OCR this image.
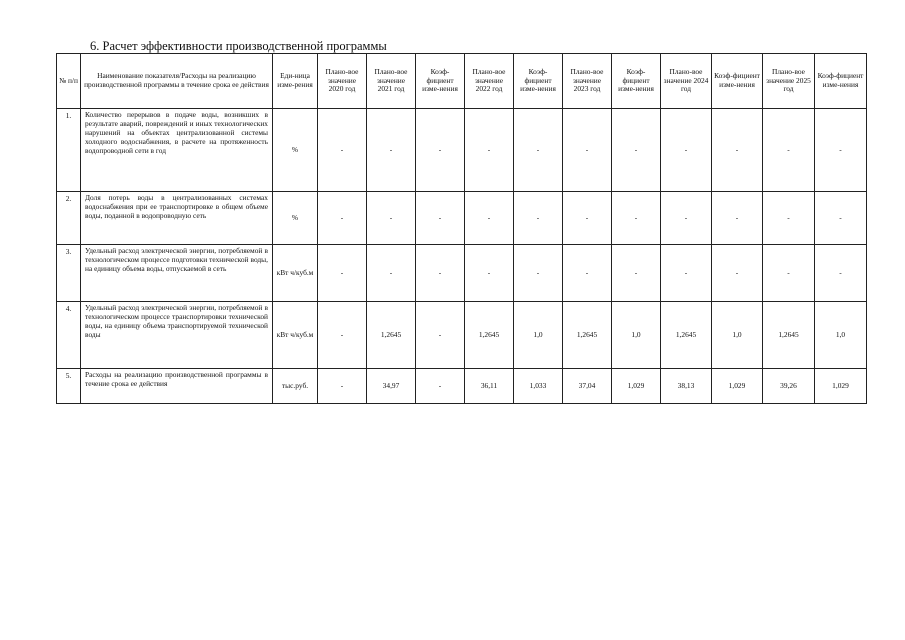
6. Расчет эффективности производственной программы
№ п/п	Наименование показателя/Расходы на реализацию производственной программы в течение срока ее действия	Еди-ница изме-рения	Плано-вое значение 2020 год	Плано-вое значение 2021 год	Коэф-фициент изме-нения	Плано-вое значение 2022 год	Коэф-фициент изме-нения	Плано-вое значение 2023 год	Коэф-фициент изме-нения	Плано-вое значение 2024 год	Коэф-фициент изме-нения	Плано-вое значение 2025 год	Коэф-фициент изме-нения
1.	Количество перерывов в подаче воды, возникших в результате аварий, повреждений и иных технологических нарушений на объектах централизованной системы холодного водоснабжения, в расчете на протяженность водопроводной сети в год	%	-	-	-	-	-	-	-	-	-	-	-
2.	Доля потерь воды в централизованных системах водоснабжения при ее транспортировке в общем объеме воды, поданной в водопроводную сеть	%	-	-	-	-	-	-	-	-	-	-	-
3.	Удельный расход электрической энергии, потребляемой в технологическом процессе подготовки технической воды, на единицу объема воды, отпускаемой в сеть	кВт ч/куб.м	-	-	-	-	-	-	-	-	-	-	-
4.	Удельный расход электрической энергии, потребляемой в технологическом процессе транспортировки технической воды, на единицу объема транспортируемой технической воды	кВт ч/куб.м	-	1,2645	-	1,2645	1,0	1,2645	1,0	1,2645	1,0	1,2645	1,0
5.	Расходы на реализацию производственной программы в течение срока ее действия	тыс.руб.	-	34,97	-	36,11	1,033	37,04	1,029	38,13	1,029	39,26	1,029
